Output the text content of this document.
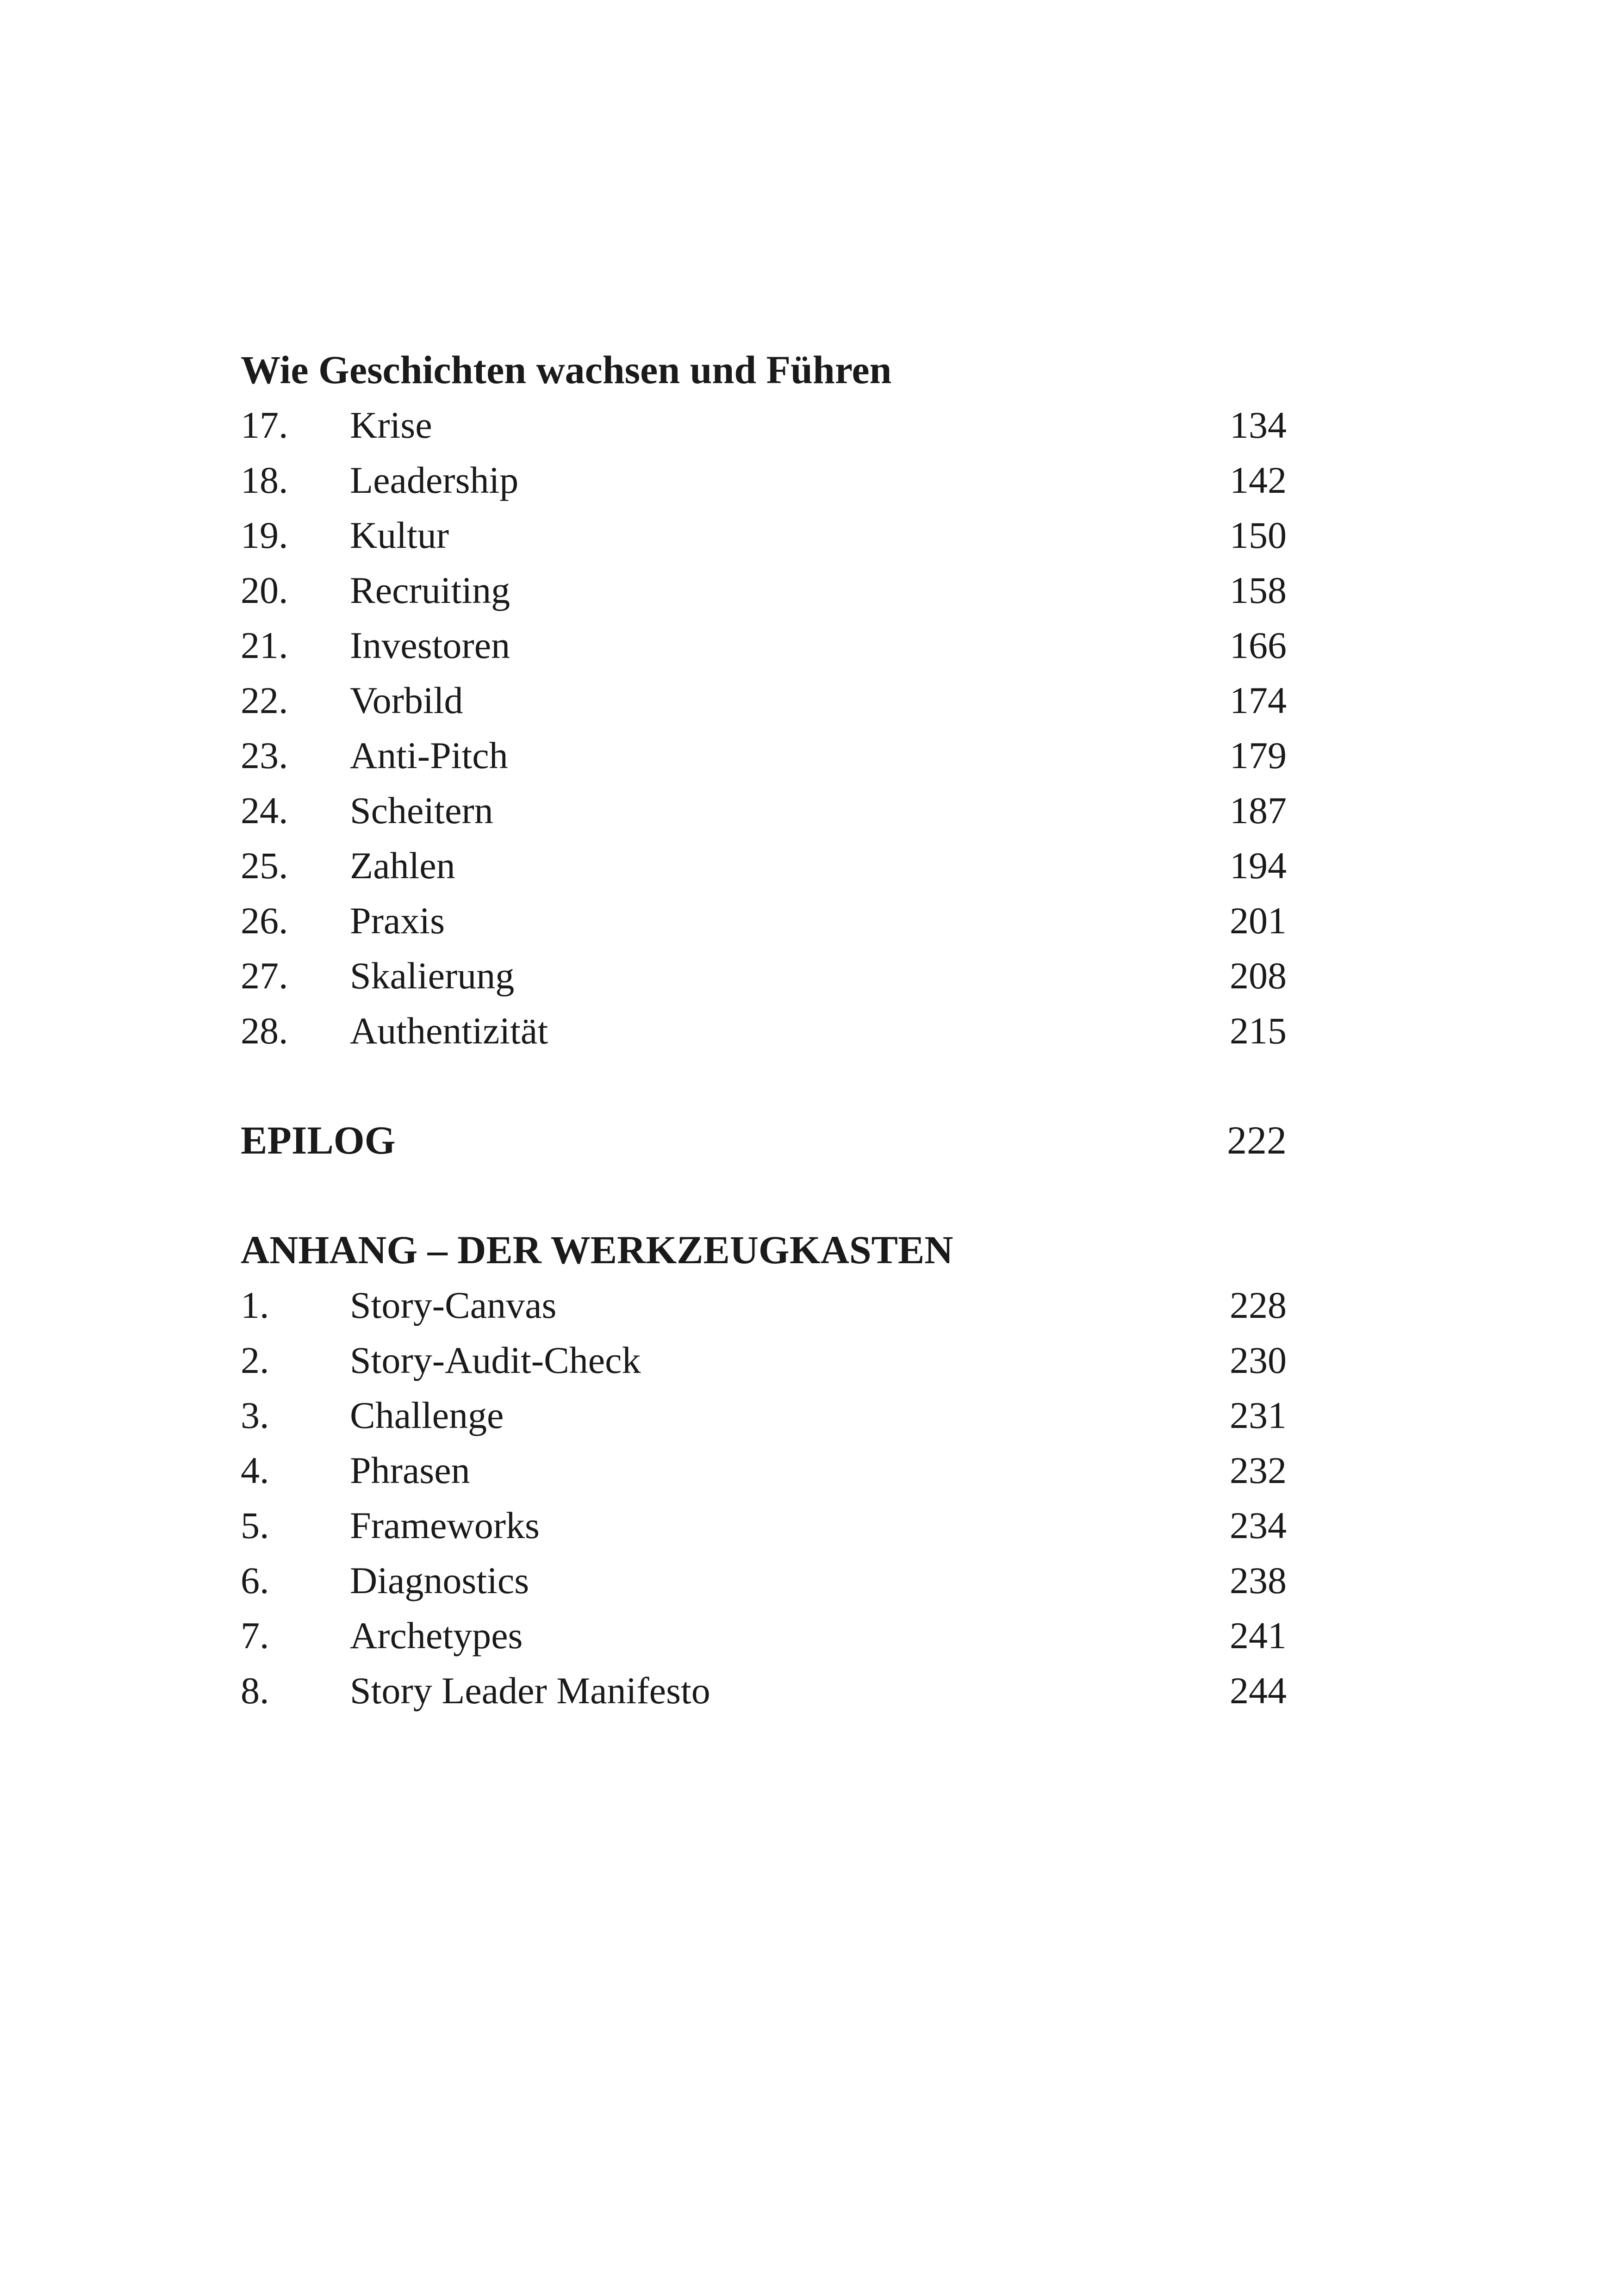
Wie Geschichten wachsen und Führen
17.	Krise	134
18.	Leadership	142
19.	Kultur	150
20.	Recruiting	158
21.	Investoren	166
22.	Vorbild	174
23.	Anti-Pitch	179
24.	Scheitern	187
25.	Zahlen	194
26.	Praxis	201
27.	Skalierung	208
28.	Authentizität	215
EPILOG	222
ANHANG – DER WERKZEUGKASTEN
1.	Story-Canvas	228
2.	Story-Audit-Check	230
3.	Challenge	231
4.	Phrasen	232
5.	Frameworks	234
6.	Diagnostics	238
7.	Archetypes	241
8.	Story Leader Manifesto	244
